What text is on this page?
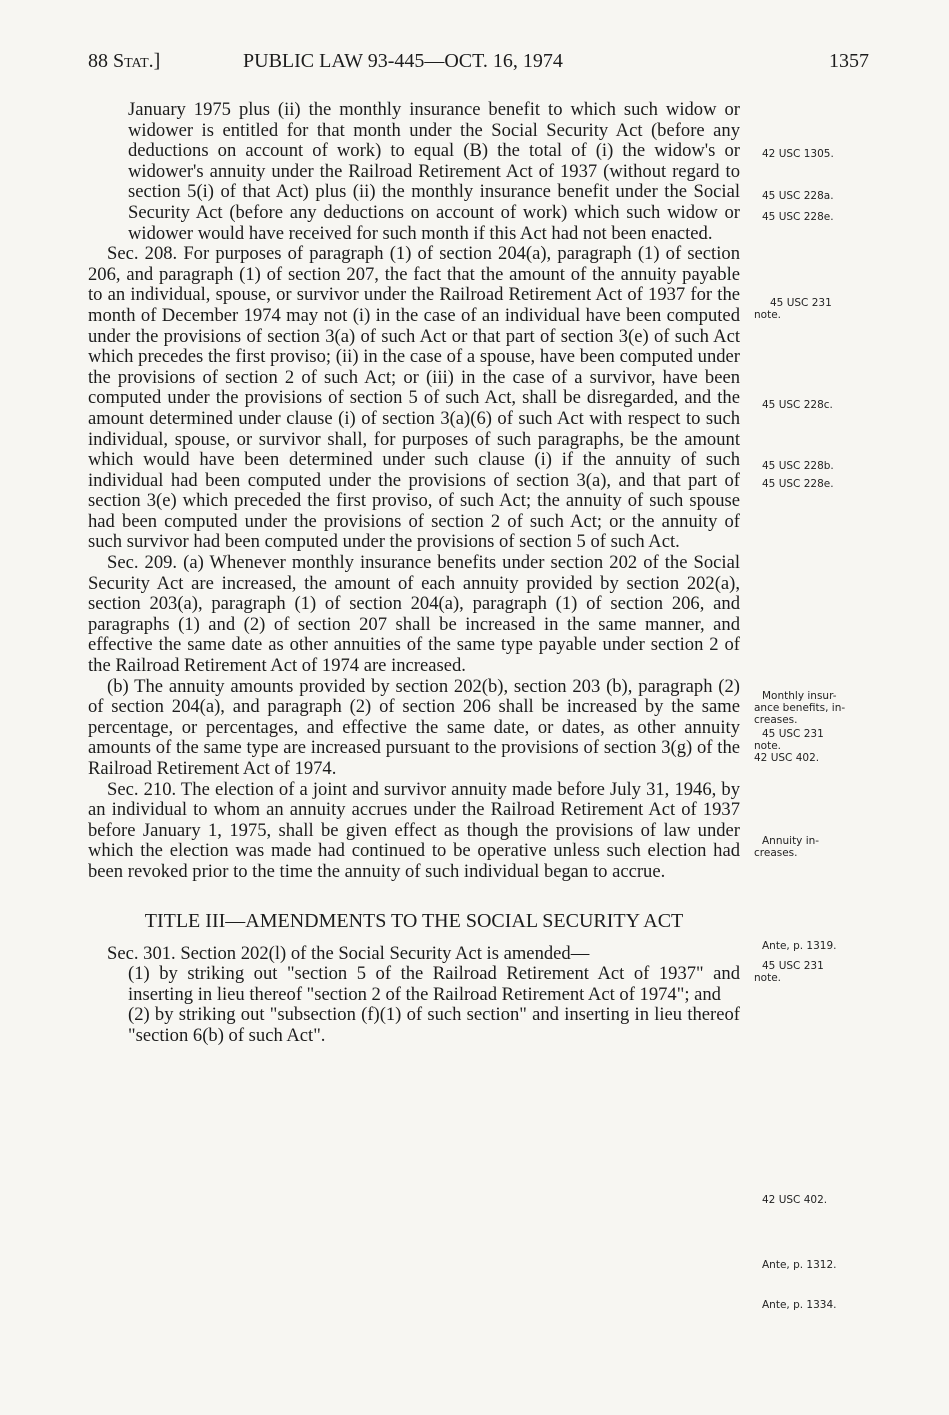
88 Stat.]	PUBLIC LAW 93-445—OCT. 16, 1974	1357

January 1975 plus (ii) the monthly insurance benefit to which such widow or widower is entitled for that month under the Social Security Act (before any deductions on account of work) to equal (B) the total of (i) the widow's or widower's annuity under the Railroad Retirement Act of 1937 (without regard to section 5(i) of that Act) plus (ii) the monthly insurance benefit under the Social Security Act (before any deductions on account of work) which such widow or widower would have received for such month if this Act had not been enacted.

Sec. 208. For purposes of paragraph (1) of section 204(a), paragraph (1) of section 206, and paragraph (1) of section 207, the fact that the amount of the annuity payable to an individual, spouse, or survivor under the Railroad Retirement Act of 1937 for the month of December 1974 may not (i) in the case of an individual have been computed under the provisions of section 3(a) of such Act or that part of section 3(e) of such Act which precedes the first proviso; (ii) in the case of a spouse, have been computed under the provisions of section 2 of such Act; or (iii) in the case of a survivor, have been computed under the provisions of section 5 of such Act, shall be disregarded, and the amount determined under clause (i) of section 3(a)(6) of such Act with respect to such individual, spouse, or survivor shall, for purposes of such paragraphs, be the amount which would have been determined under such clause (i) if the annuity of such individual had been computed under the provisions of section 3(a), and that part of section 3(e) which preceded the first proviso, of such Act; the annuity of such spouse had been computed under the provisions of section 2 of such Act; or the annuity of such survivor had been computed under the provisions of section 5 of such Act.

Sec. 209. (a) Whenever monthly insurance benefits under section 202 of the Social Security Act are increased, the amount of each annuity provided by section 202(a), section 203(a), paragraph (1) of section 204(a), paragraph (1) of section 206, and paragraphs (1) and (2) of section 207 shall be increased in the same manner, and effective the same date as other annuities of the same type payable under section 2 of the Railroad Retirement Act of 1974 are increased.

(b) The annuity amounts provided by section 202(b), section 203 (b), paragraph (2) of section 204(a), and paragraph (2) of section 206 shall be increased by the same percentage, or percentages, and effective the same date, or dates, as other annuity amounts of the same type are increased pursuant to the provisions of section 3(g) of the Railroad Retirement Act of 1974.

Sec. 210. The election of a joint and survivor annuity made before July 31, 1946, by an individual to whom an annuity accrues under the Railroad Retirement Act of 1937 before January 1, 1975, shall be given effect as though the provisions of law under which the election was made had continued to be operative unless such election had been revoked prior to the time the annuity of such individual began to accrue.

TITLE III—AMENDMENTS TO THE SOCIAL SECURITY ACT

Sec. 301. Section 202(l) of the Social Security Act is amended—

(1) by striking out "section 5 of the Railroad Retirement Act of 1937" and inserting in lieu thereof "section 2 of the Railroad Retirement Act of 1974"; and

(2) by striking out "subsection (f)(1) of such section" and inserting in lieu thereof "section 6(b) of such Act".

42 USC 1305.
45 USC 228a.
45 USC 228e.
45 USC 231
note.
45 USC 228c.
45 USC 228b.
45 USC 228e.
Monthly insur-
ance benefits, in-
creases.
45 USC 231
note.
42 USC 402.
Annuity in-
creases.
Ante, p. 1319.
45 USC 231
note.
42 USC 402.
Ante, p. 1312.
Ante, p. 1334.
